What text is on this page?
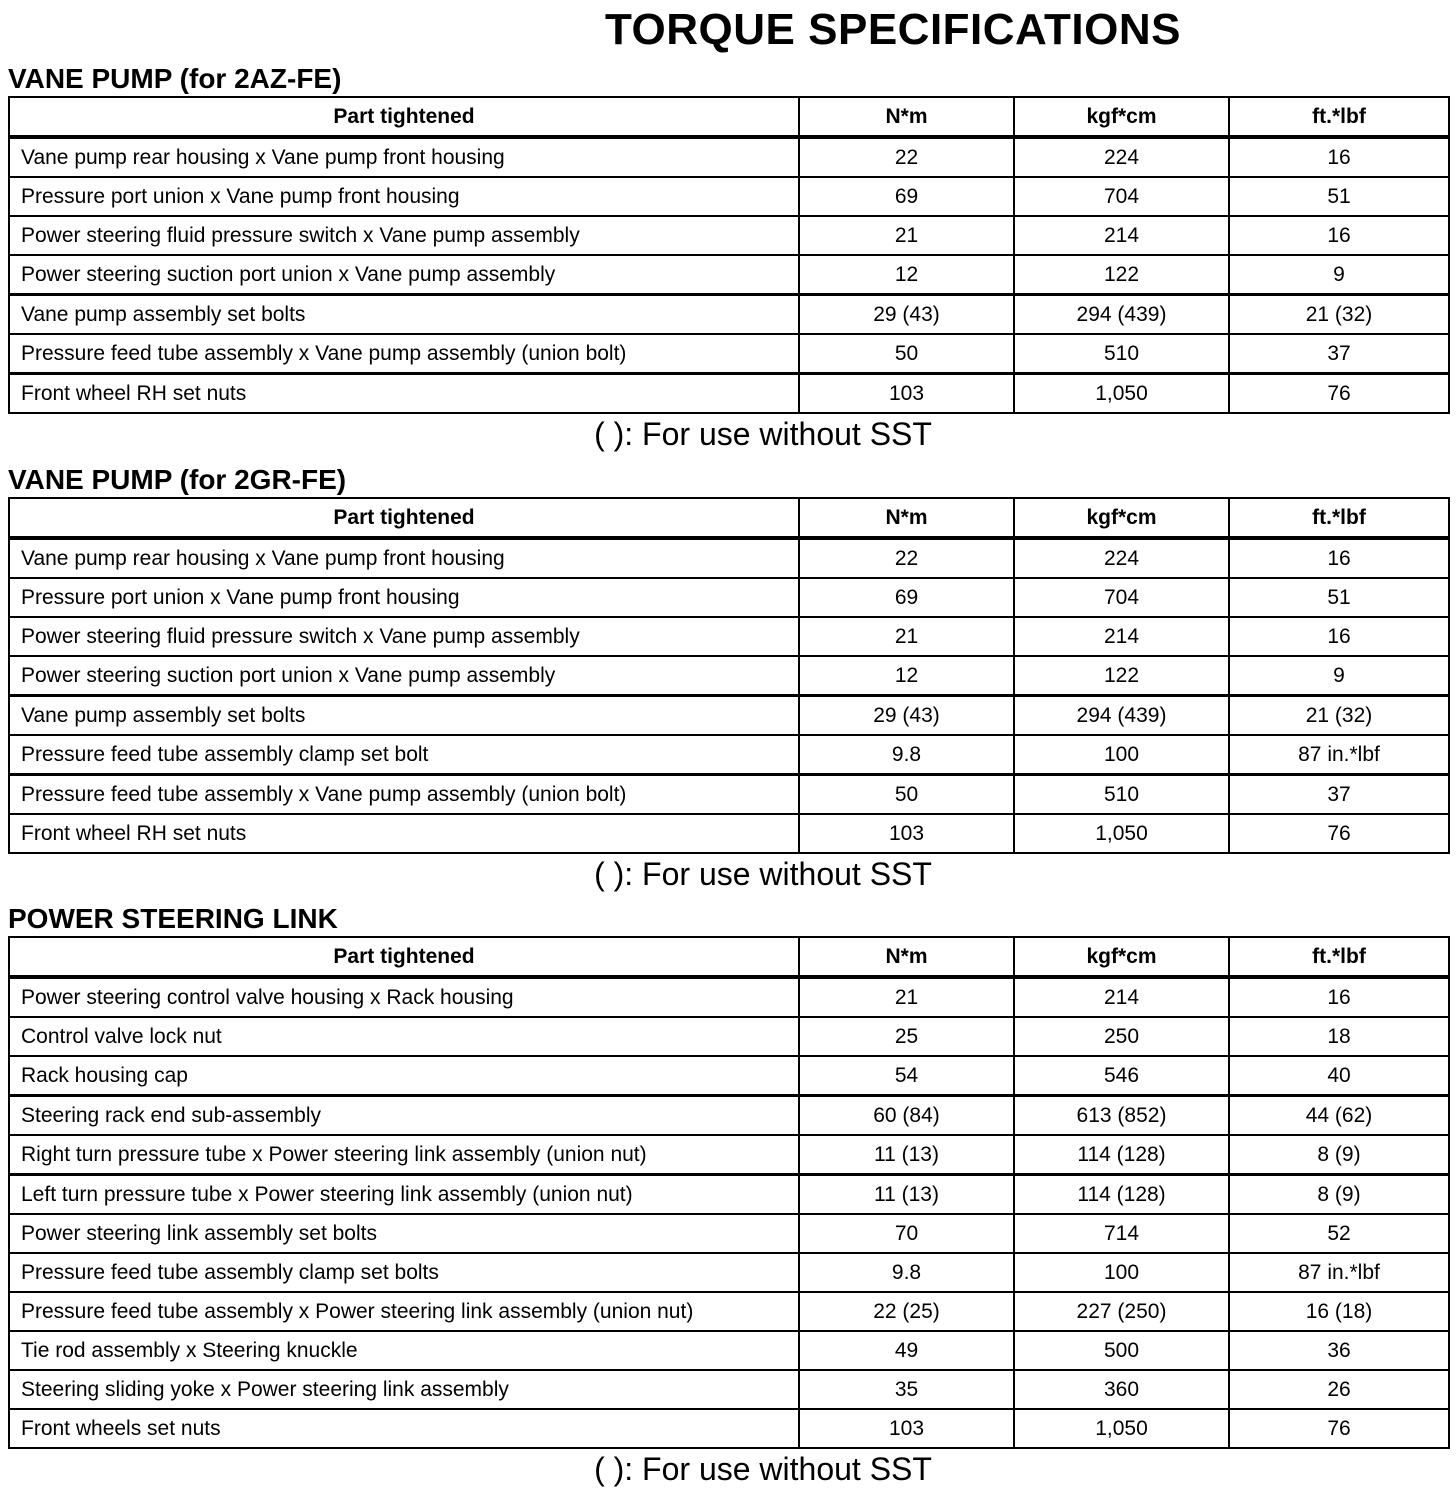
TORQUE SPECIFICATIONS
VANE PUMP (for 2AZ-FE)
Part tightened	N*m	kgf*cm	ft.*lbf
Vane pump rear housing x Vane pump front housing	22	224	16
Pressure port union x Vane pump front housing	69	704	51
Power steering fluid pressure switch x Vane pump assembly	21	214	16
Power steering suction port union x Vane pump assembly	12	122	9
Vane pump assembly set bolts	29 (43)	294 (439)	21 (32)
Pressure feed tube assembly x Vane pump assembly (union bolt)	50	510	37
Front wheel RH set nuts	103	1,050	76
( ): For use without SST
VANE PUMP (for 2GR-FE)
Part tightened	N*m	kgf*cm	ft.*lbf
Vane pump rear housing x Vane pump front housing	22	224	16
Pressure port union x Vane pump front housing	69	704	51
Power steering fluid pressure switch x Vane pump assembly	21	214	16
Power steering suction port union x Vane pump assembly	12	122	9
Vane pump assembly set bolts	29 (43)	294 (439)	21 (32)
Pressure feed tube assembly clamp set bolt	9.8	100	87 in.*lbf
Pressure feed tube assembly x Vane pump assembly (union bolt)	50	510	37
Front wheel RH set nuts	103	1,050	76
( ): For use without SST
POWER STEERING LINK
Part tightened	N*m	kgf*cm	ft.*lbf
Power steering control valve housing x Rack housing	21	214	16
Control valve lock nut	25	250	18
Rack housing cap	54	546	40
Steering rack end sub-assembly	60 (84)	613 (852)	44 (62)
Right turn pressure tube x Power steering link assembly (union nut)	11 (13)	114 (128)	8 (9)
Left turn pressure tube x Power steering link assembly (union nut)	11 (13)	114 (128)	8 (9)
Power steering link assembly set bolts	70	714	52
Pressure feed tube assembly clamp set bolts	9.8	100	87 in.*lbf
Pressure feed tube assembly x Power steering link assembly (union nut)	22 (25)	227 (250)	16 (18)
Tie rod assembly x Steering knuckle	49	500	36
Steering sliding yoke x Power steering link assembly	35	360	26
Front wheels set nuts	103	1,050	76
( ): For use without SST
